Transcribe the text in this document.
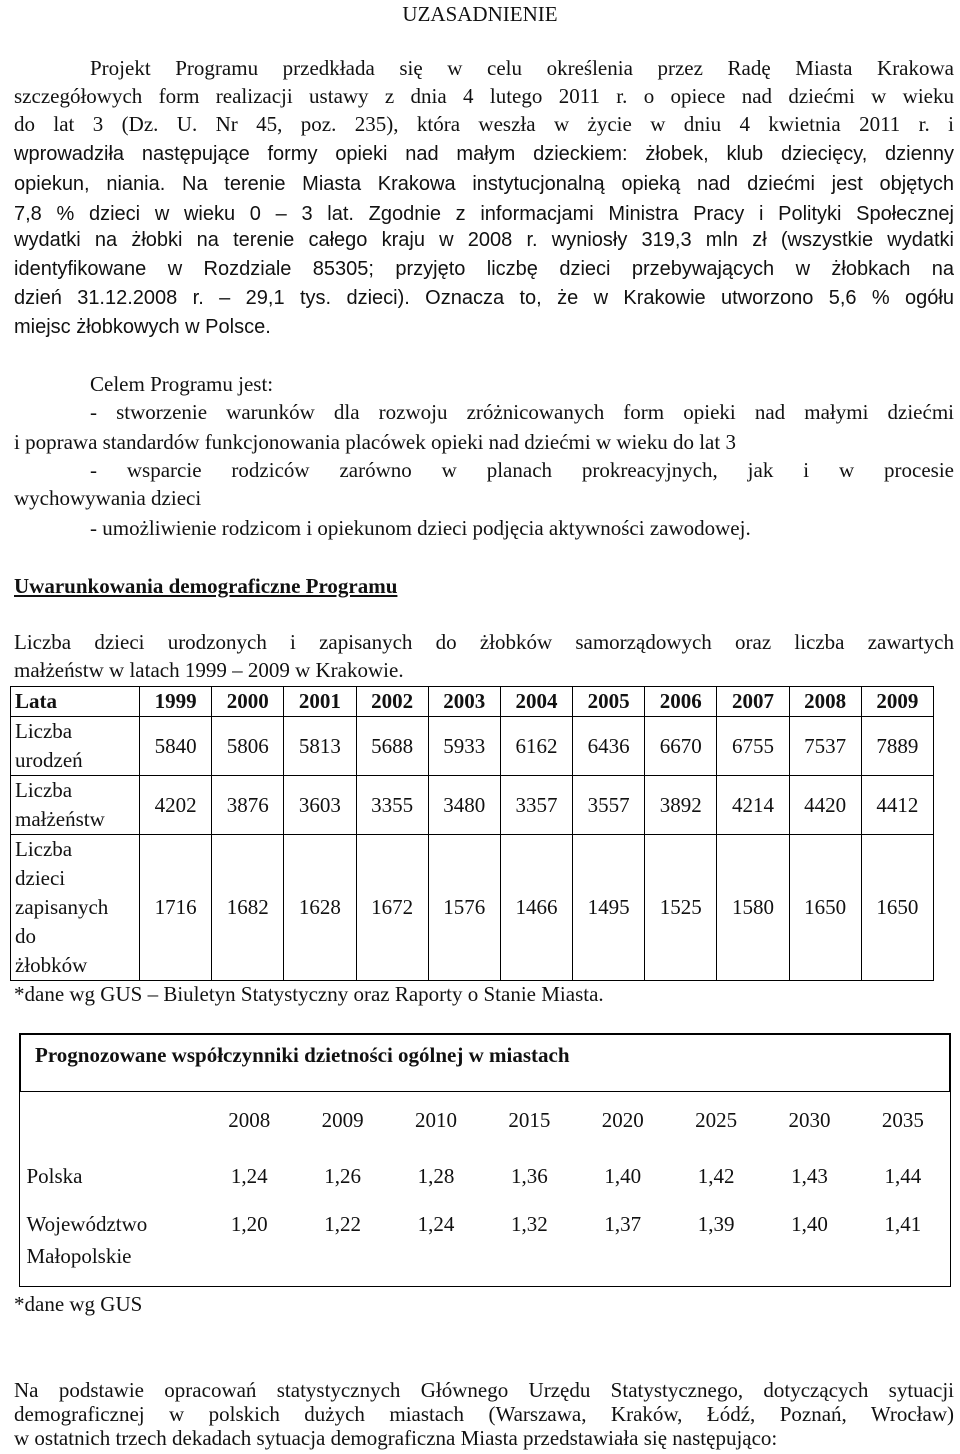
UZASADNIENIE
Projekt Programu przedkłada się w celu określenia przez Radę Miasta Krakowa
szczegółowych form realizacji ustawy z dnia 4 lutego 2011 r. o opiece nad dziećmi w wieku
do lat 3 (Dz. U. Nr 45, poz. 235), która weszła w życie w dniu 4 kwietnia 2011 r. i
wprowadziła następujące formy opieki nad małym dzieckiem: żłobek, klub dziecięcy, dzienny
opiekun, niania. Na terenie Miasta Krakowa instytucjonalną opieką nad dziećmi jest objętych
7,8 % dzieci w wieku 0 – 3 lat. Zgodnie z informacjami Ministra Pracy i Polityki Społecznej
wydatki na żłobki na terenie całego kraju w 2008 r. wyniosły 319,3 mln zł (wszystkie wydatki
identyfikowane w Rozdziale 85305; przyjęto liczbę dzieci przebywających w żłobkach na
dzień 31.12.2008 r. – 29,1 tys. dzieci). Oznacza to, że w Krakowie utworzono 5,6 % ogółu
miejsc żłobkowych w Polsce.
Celem Programu jest:
- stworzenie warunków dla rozwoju zróżnicowanych form opieki nad małymi dziećmi
i poprawa standardów funkcjonowania placówek opieki nad dziećmi w wieku do lat 3
- wsparcie rodziców zarówno w planach prokreacyjnych, jak i w procesie
wychowywania dzieci
- umożliwienie rodzicom i opiekunom dzieci podjęcia aktywności zawodowej.
Uwarunkowania demograficzne Programu
Liczba dzieci urodzonych i zapisanych do żłobków samorządowych oraz liczba zawartych
małżeństw w latach 1999 – 2009 w Krakowie.
Lata	1999	2000	2001	2002	2003	2004	2005	2006	2007	2008	2009

Liczba
urodzeń	5840	5806	5813	5688	5933	6162	6436	6670	6755	7537	7889

Liczba
małżeństw	4202	3876	3603	3355	3480	3357	3557	3892	4214	4420	4412

Liczba
dzieci
zapisanych
do
żłobków	1716	1682	1628	1672	1576	1466	1495	1525	1580	1650	1650
*dane wg GUS – Biuletyn Statystyczny oraz Raporty o Stanie Miasta.
Prognozowane współczynniki dzietności ogólnej w miastach								
	2008	2009	2010	2015	2020	2025	2030	2035

Polska	1,24	1,26	1,28	1,36	1,40	1,42	1,43	1,44

Województwo
Małopolskie	1,20	1,22	1,24	1,32	1,37	1,39	1,40	1,41
*dane wg GUS
Na podstawie opracowań statystycznych Głównego Urzędu Statystycznego, dotyczących sytuacji
demograficznej w polskich dużych miastach (Warszawa, Kraków, Łódź, Poznań, Wrocław)
w ostatnich trzech dekadach sytuacja demograficzna Miasta przedstawiała się następująco:
